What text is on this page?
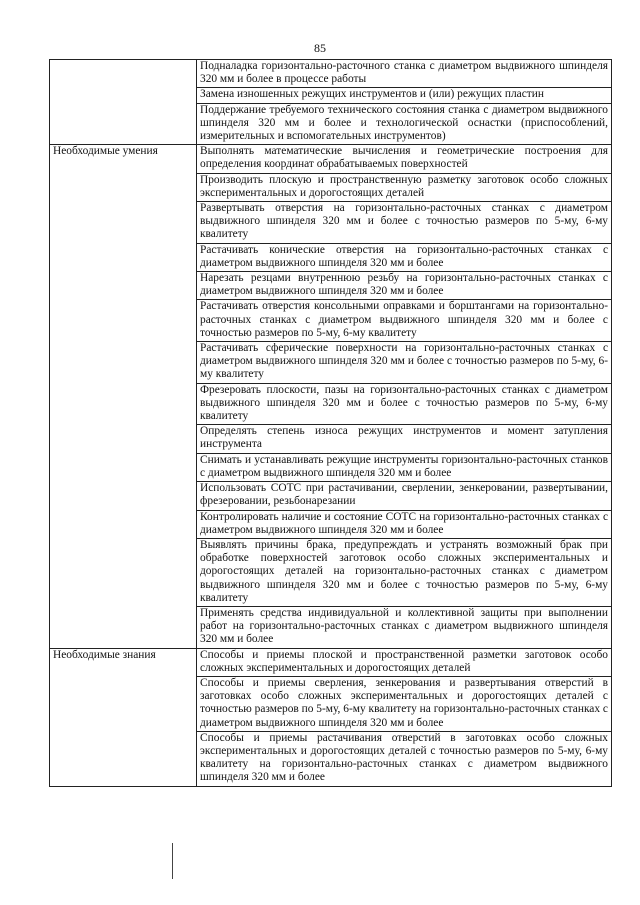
85
	Подналадка горизонтально-расточного станка с диаметром выдвижного шпинделя 320 мм и более в процессе работы
	Замена изношенных режущих инструментов и (или) режущих пластин
	Поддержание требуемого технического состояния станка с диаметром выдвижного шпинделя 320 мм и более и технологической оснастки (приспособлений, измерительных и вспомогательных инструментов)
Необходимые умения	Выполнять математические вычисления и геометрические построения для определения координат обрабатываемых поверхностей
	Производить плоскую и пространственную разметку заготовок особо сложных экспериментальных и дорогостоящих деталей
	Развертывать отверстия на горизонтально-расточных станках с диаметром выдвижного шпинделя 320 мм и более с точностью размеров по 5-му, 6-му квалитету
	Растачивать конические отверстия на горизонтально-расточных станках с диаметром выдвижного шпинделя 320 мм и более
	Нарезать резцами внутреннюю резьбу на горизонтально-расточных станках с диаметром выдвижного шпинделя 320 мм и более
	Растачивать отверстия консольными оправками и борштангами на горизонтально-расточных станках с диаметром выдвижного шпинделя 320 мм и более с точностью размеров по 5-му, 6-му квалитету
	Растачивать сферические поверхности на горизонтально-расточных станках с диаметром выдвижного шпинделя 320 мм и более с точностью размеров по 5-му, 6-му квалитету
	Фрезеровать плоскости, пазы на горизонтально-расточных станках с диаметром выдвижного шпинделя 320 мм и более с точностью размеров по 5-му, 6-му квалитету
	Определять степень износа режущих инструментов и момент затупления инструмента
	Снимать и устанавливать режущие инструменты горизонтально-расточных станков с диаметром выдвижного шпинделя 320 мм и более
	Использовать СОТС при растачивании, сверлении, зенкеровании, развертывании, фрезеровании, резьбонарезании
	Контролировать наличие и состояние СОТС на горизонтально-расточных станках с диаметром выдвижного шпинделя 320 мм и более
	Выявлять причины брака, предупреждать и устранять возможный брак при обработке поверхностей заготовок особо сложных экспериментальных и дорогостоящих деталей на горизонтально-расточных станках с диаметром выдвижного шпинделя 320 мм и более с точностью размеров по 5-му, 6-му квалитету
	Применять средства индивидуальной и коллективной защиты при выполнении работ на горизонтально-расточных станках с диаметром выдвижного шпинделя 320 мм и более
Необходимые знания	Способы и приемы плоской и пространственной разметки заготовок особо сложных экспериментальных и дорогостоящих деталей
	Способы и приемы сверления, зенкерования и развертывания отверстий в заготовках особо сложных экспериментальных и дорогостоящих деталей с точностью размеров по 5-му, 6-му квалитету на горизонтально-расточных станках с диаметром выдвижного шпинделя 320 мм и более
	Способы и приемы растачивания отверстий в заготовках особо сложных экспериментальных и дорогостоящих деталей с точностью размеров по 5-му, 6-му квалитету на горизонтально-расточных станках с диаметром выдвижного шпинделя 320 мм и более
